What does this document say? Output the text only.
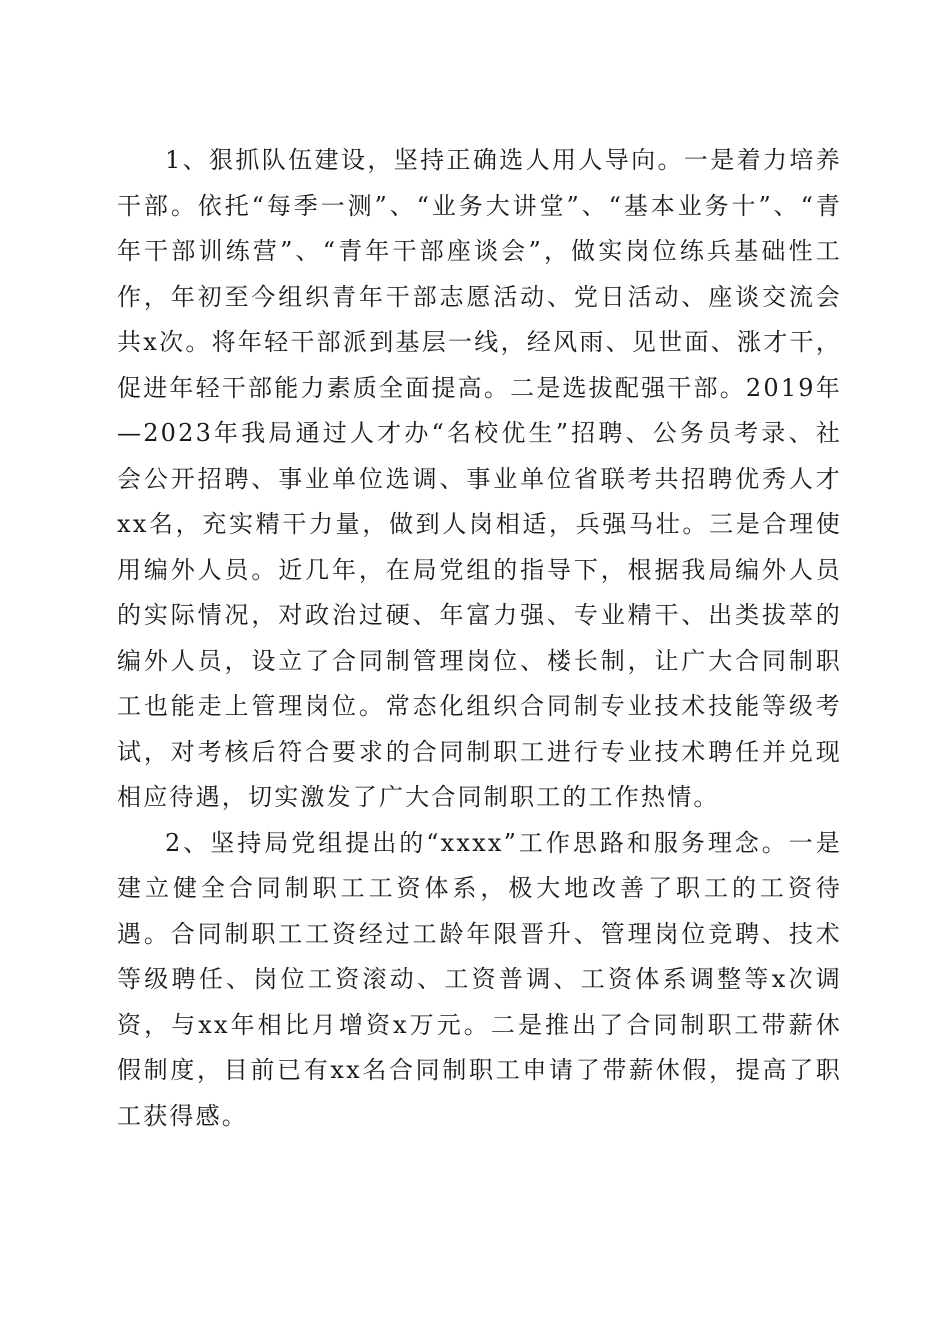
1、狠抓队伍建设，坚持正确选人用人导向。一是着力培养干部。依托“每季一测”、“业务大讲堂”、“基本业务十”、“青年干部训练营”、“青年干部座谈会”，做实岗位练兵基础性工作，年初至今组织青年干部志愿活动、党日活动、座谈交流会共x次。将年轻干部派到基层一线，经风雨、见世面、涨才干，促进年轻干部能力素质全面提高。二是选拔配强干部。2019年—2023年我局通过人才办“名校优生”招聘、公务员考录、社会公开招聘、事业单位选调、事业单位省联考共招聘优秀人才xx名，充实精干力量，做到人岗相适，兵强马壮。三是合理使用编外人员。近几年，在局党组的指导下，根据我局编外人员的实际情况，对政治过硬、年富力强、专业精干、出类拔萃的编外人员，设立了合同制管理岗位、楼长制，让广大合同制职工也能走上管理岗位。常态化组织合同制专业技术技能等级考试，对考核后符合要求的合同制职工进行专业技术聘任并兑现相应待遇，切实激发了广大合同制职工的工作热情。

2、坚持局党组提出的“xxxx”工作思路和服务理念。一是建立健全合同制职工工资体系，极大地改善了职工的工资待遇。合同制职工工资经过工龄年限晋升、管理岗位竞聘、技术等级聘任、岗位工资滚动、工资普调、工资体系调整等x次调资，与xx年相比月增资x万元。二是推出了合同制职工带薪休假制度，目前已有xx名合同制职工申请了带薪休假，提高了职工获得感。
